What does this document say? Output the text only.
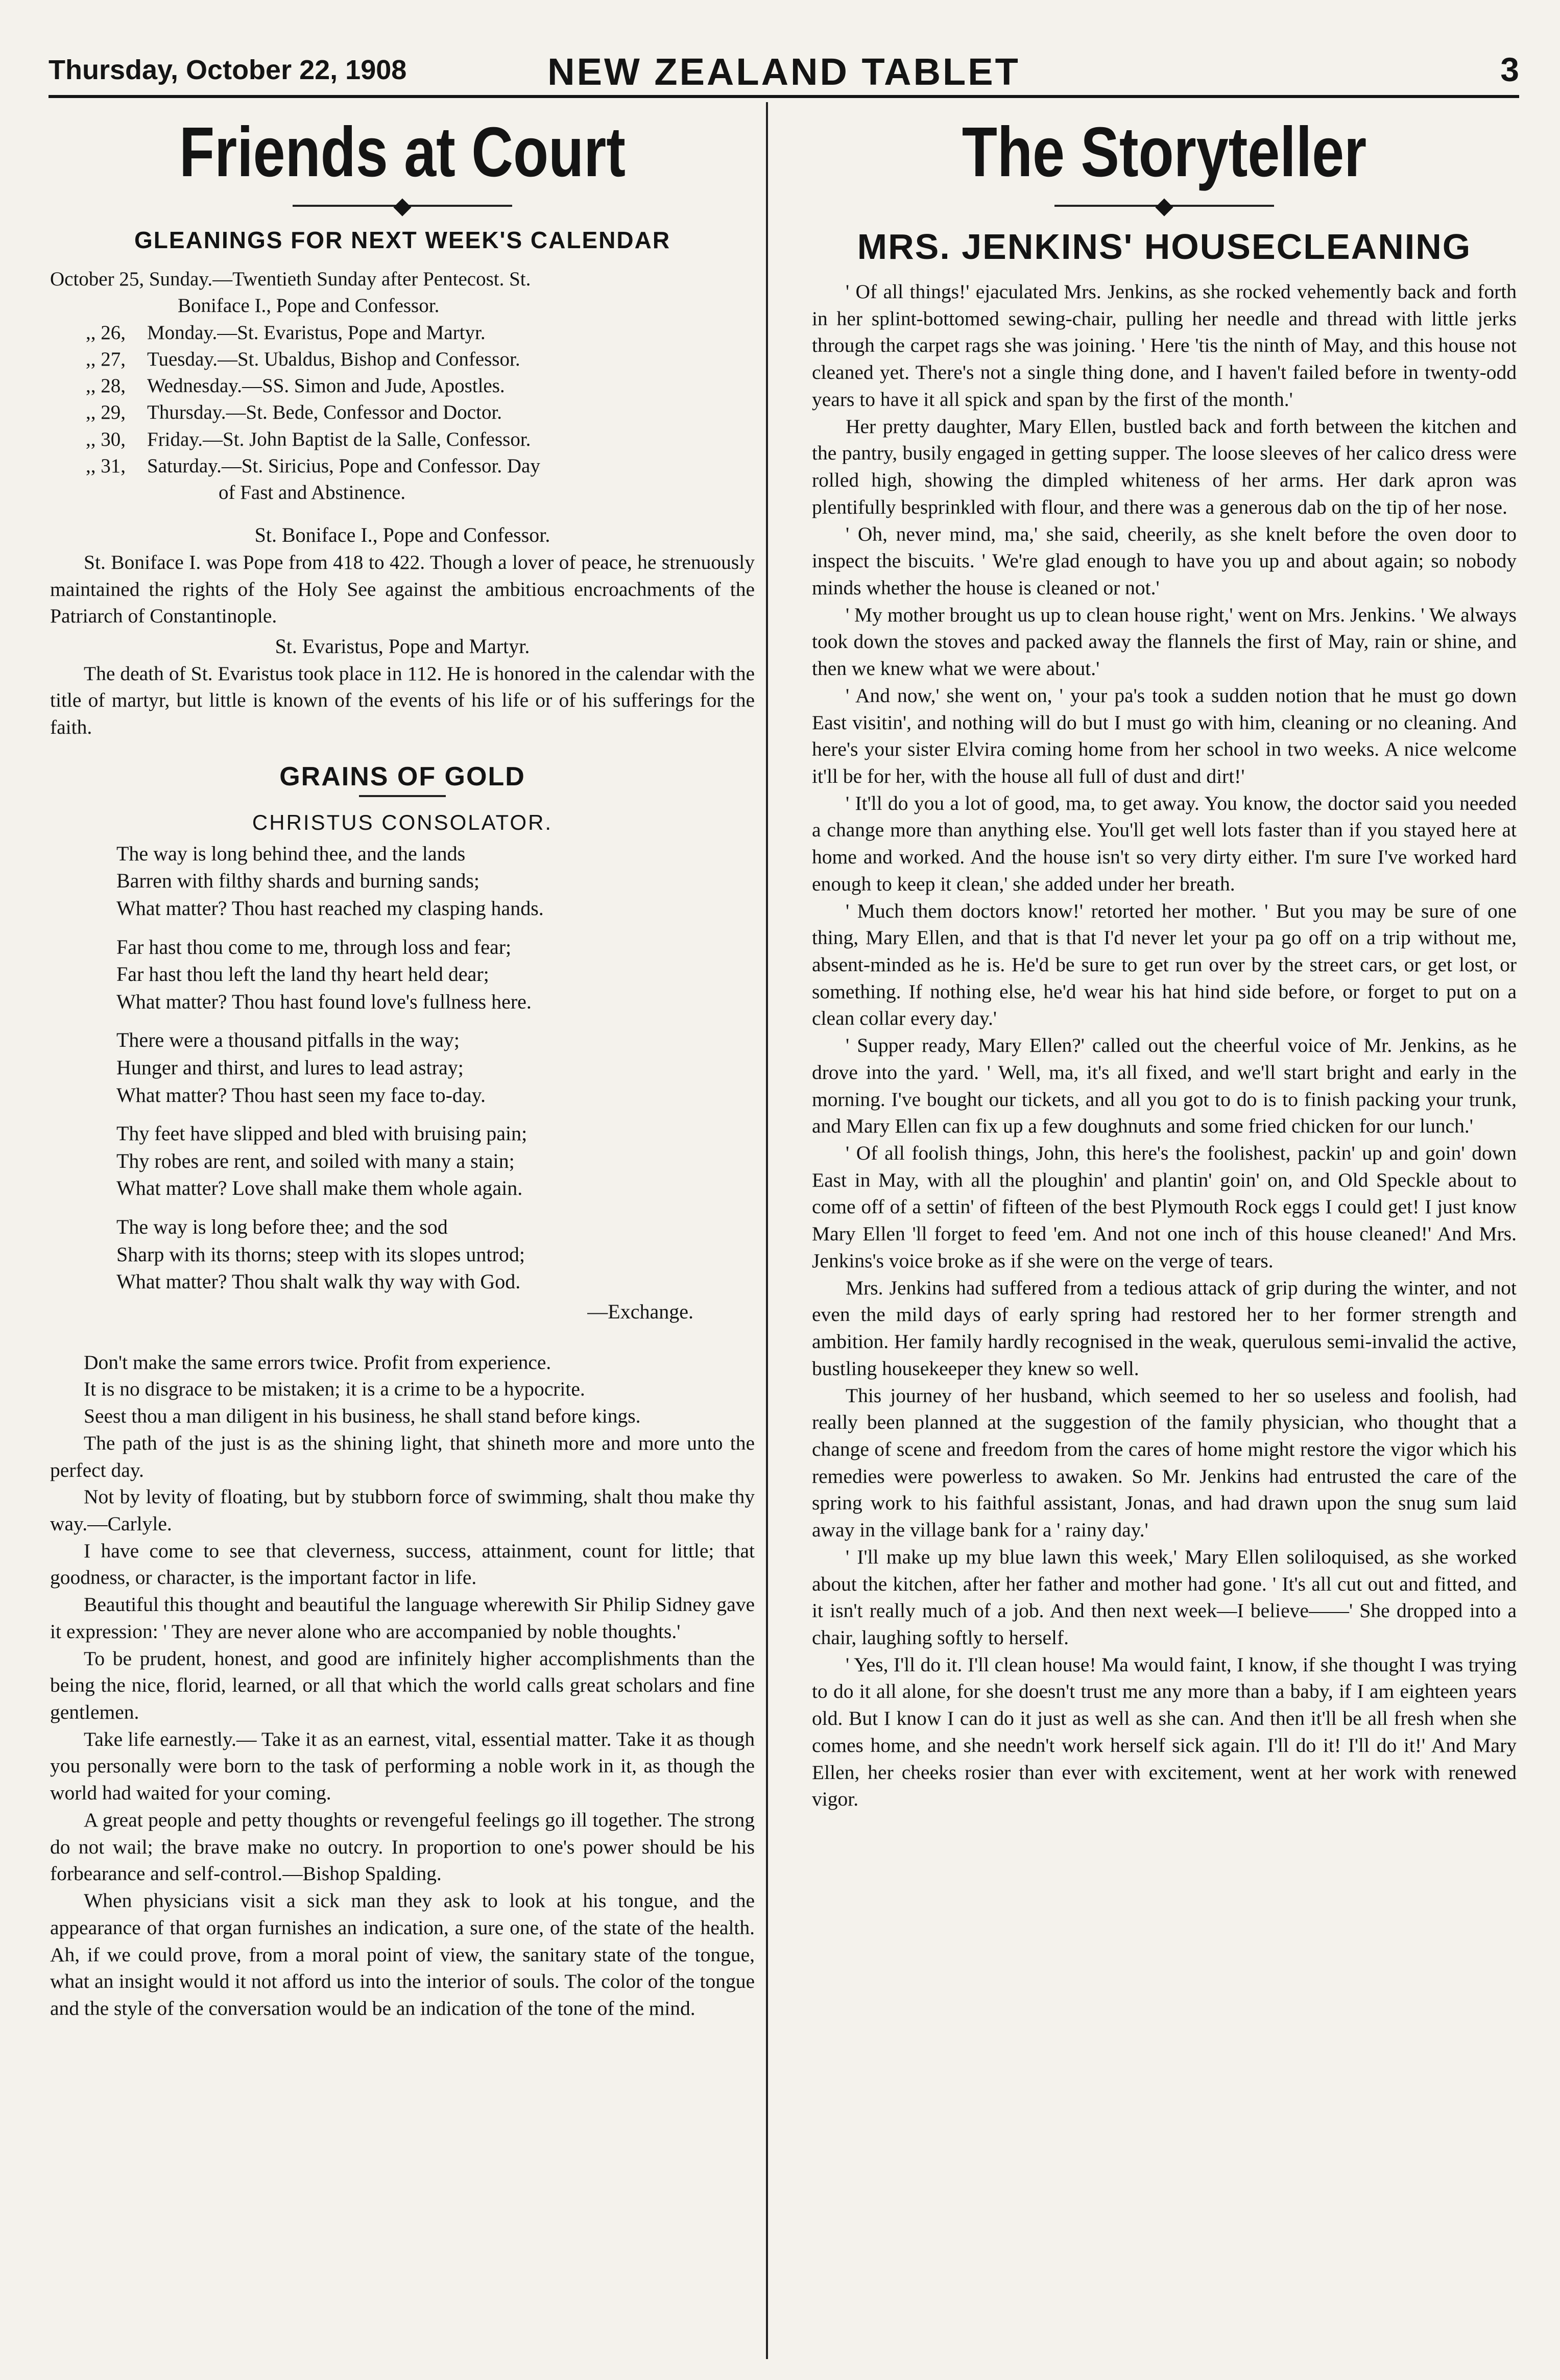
Thursday, October 22, 1908	NEW ZEALAND TABLET	3
Friends at Court
◆
GLEANINGS FOR NEXT WEEK'S CALENDAR
October 25, Sunday.—Twentieth Sunday after Pentecost. St.
Boniface I., Pope and Confessor.
,, 26, Monday.—St. Evaristus, Pope and Martyr.
,, 27, Tuesday.—St. Ubaldus, Bishop and Confessor.
,, 28, Wednesday.—SS. Simon and Jude, Apostles.
,, 29, Thursday.—St. Bede, Confessor and Doctor.
,, 30, Friday.—St. John Baptist de la Salle, Confessor.
,, 31, Saturday.—St. Siricius, Pope and Confessor. Day
of Fast and Abstinence.

St. Boniface I., Pope and Confessor.

St. Boniface I. was Pope from 418 to 422. Though a lover of peace, he strenuously maintained the rights of the Holy See against the ambitious encroachments of the Patriarch of Constantinople.

St. Evaristus, Pope and Martyr.

The death of St. Evaristus took place in 112. He is honored in the calendar with the title of martyr, but little is known of the events of his life or of his sufferings for the faith.

GRAINS OF GOLD
CHRISTUS CONSOLATOR.
The way is long behind thee, and the lands
Barren with filthy shards and burning sands;
What matter? Thou hast reached my clasping hands.
Far hast thou come to me, through loss and fear;
Far hast thou left the land thy heart held dear;
What matter? Thou hast found love's fullness here.
There were a thousand pitfalls in the way;
Hunger and thirst, and lures to lead astray;
What matter? Thou hast seen my face to-day.
Thy feet have slipped and bled with bruising pain;
Thy robes are rent, and soiled with many a stain;
What matter? Love shall make them whole again.
The way is long before thee; and the sod
Sharp with its thorns; steep with its slopes untrod;
What matter? Thou shalt walk thy way with God.
—Exchange.

Don't make the same errors twice. Profit from experience.

It is no disgrace to be mistaken; it is a crime to be a hypocrite.

Seest thou a man diligent in his business, he shall stand before kings.

The path of the just is as the shining light, that shineth more and more unto the perfect day.

Not by levity of floating, but by stubborn force of swimming, shalt thou make thy way.—Carlyle.

I have come to see that cleverness, success, attainment, count for little; that goodness, or character, is the important factor in life.

Beautiful this thought and beautiful the language wherewith Sir Philip Sidney gave it expression: ' They are never alone who are accompanied by noble thoughts.'

To be prudent, honest, and good are infinitely higher accomplishments than the being the nice, florid, learned, or all that which the world calls great scholars and fine gentlemen.

Take life earnestly.— Take it as an earnest, vital, essential matter. Take it as though you personally were born to the task of performing a noble work in it, as though the world had waited for your coming.

A great people and petty thoughts or revengeful feelings go ill together. The strong do not wail; the brave make no outcry. In proportion to one's power should be his forbearance and self-control.—Bishop Spalding.

When physicians visit a sick man they ask to look at his tongue, and the appearance of that organ furnishes an indication, a sure one, of the state of the health. Ah, if we could prove, from a moral point of view, the sanitary state of the tongue, what an insight would it not afford us into the interior of souls. The color of the tongue and the style of the conversation would be an indication of the tone of the mind.

The Storyteller
◆
MRS. JENKINS' HOUSECLEANING

' Of all things!' ejaculated Mrs. Jenkins, as she rocked vehemently back and forth in her splint-bottomed sewing-chair, pulling her needle and thread with little jerks through the carpet rags she was joining. ' Here 'tis the ninth of May, and this house not cleaned yet. There's not a single thing done, and I haven't failed before in twenty-odd years to have it all spick and span by the first of the month.'

Her pretty daughter, Mary Ellen, bustled back and forth between the kitchen and the pantry, busily engaged in getting supper. The loose sleeves of her calico dress were rolled high, showing the dimpled whiteness of her arms. Her dark apron was plentifully besprinkled with flour, and there was a generous dab on the tip of her nose.

' Oh, never mind, ma,' she said, cheerily, as she knelt before the oven door to inspect the biscuits. ' We're glad enough to have you up and about again; so nobody minds whether the house is cleaned or not.'

' My mother brought us up to clean house right,' went on Mrs. Jenkins. ' We always took down the stoves and packed away the flannels the first of May, rain or shine, and then we knew what we were about.'

' And now,' she went on, ' your pa's took a sudden notion that he must go down East visitin', and nothing will do but I must go with him, cleaning or no cleaning. And here's your sister Elvira coming home from her school in two weeks. A nice welcome it'll be for her, with the house all full of dust and dirt!'

' It'll do you a lot of good, ma, to get away. You know, the doctor said you needed a change more than anything else. You'll get well lots faster than if you stayed here at home and worked. And the house isn't so very dirty either. I'm sure I've worked hard enough to keep it clean,' she added under her breath.

' Much them doctors know!' retorted her mother. ' But you may be sure of one thing, Mary Ellen, and that is that I'd never let your pa go off on a trip without me, absent-minded as he is. He'd be sure to get run over by the street cars, or get lost, or something. If nothing else, he'd wear his hat hind side before, or forget to put on a clean collar every day.'

' Supper ready, Mary Ellen?' called out the cheerful voice of Mr. Jenkins, as he drove into the yard. ' Well, ma, it's all fixed, and we'll start bright and early in the morning. I've bought our tickets, and all you got to do is to finish packing your trunk, and Mary Ellen can fix up a few doughnuts and some fried chicken for our lunch.'

' Of all foolish things, John, this here's the foolishest, packin' up and goin' down East in May, with all the ploughin' and plantin' goin' on, and Old Speckle about to come off of a settin' of fifteen of the best Plymouth Rock eggs I could get! I just know Mary Ellen 'll forget to feed 'em. And not one inch of this house cleaned!' And Mrs. Jenkins's voice broke as if she were on the verge of tears.

Mrs. Jenkins had suffered from a tedious attack of grip during the winter, and not even the mild days of early spring had restored her to her former strength and ambition. Her family hardly recognised in the weak, querulous semi-invalid the active, bustling housekeeper they knew so well.

This journey of her husband, which seemed to her so useless and foolish, had really been planned at the suggestion of the family physician, who thought that a change of scene and freedom from the cares of home might restore the vigor which his remedies were powerless to awaken. So Mr. Jenkins had entrusted the care of the spring work to his faithful assistant, Jonas, and had drawn upon the snug sum laid away in the village bank for a ' rainy day.'

' I'll make up my blue lawn this week,' Mary Ellen soliloquised, as she worked about the kitchen, after her father and mother had gone. ' It's all cut out and fitted, and it isn't really much of a job. And then next week—I believe——' She dropped into a chair, laughing softly to herself.

' Yes, I'll do it. I'll clean house! Ma would faint, I know, if she thought I was trying to do it all alone, for she doesn't trust me any more than a baby, if I am eighteen years old. But I know I can do it just as well as she can. And then it'll be all fresh when she comes home, and she needn't work herself sick again. I'll do it! I'll do it!' And Mary Ellen, her cheeks rosier than ever with excitement, went at her work with renewed vigor.
